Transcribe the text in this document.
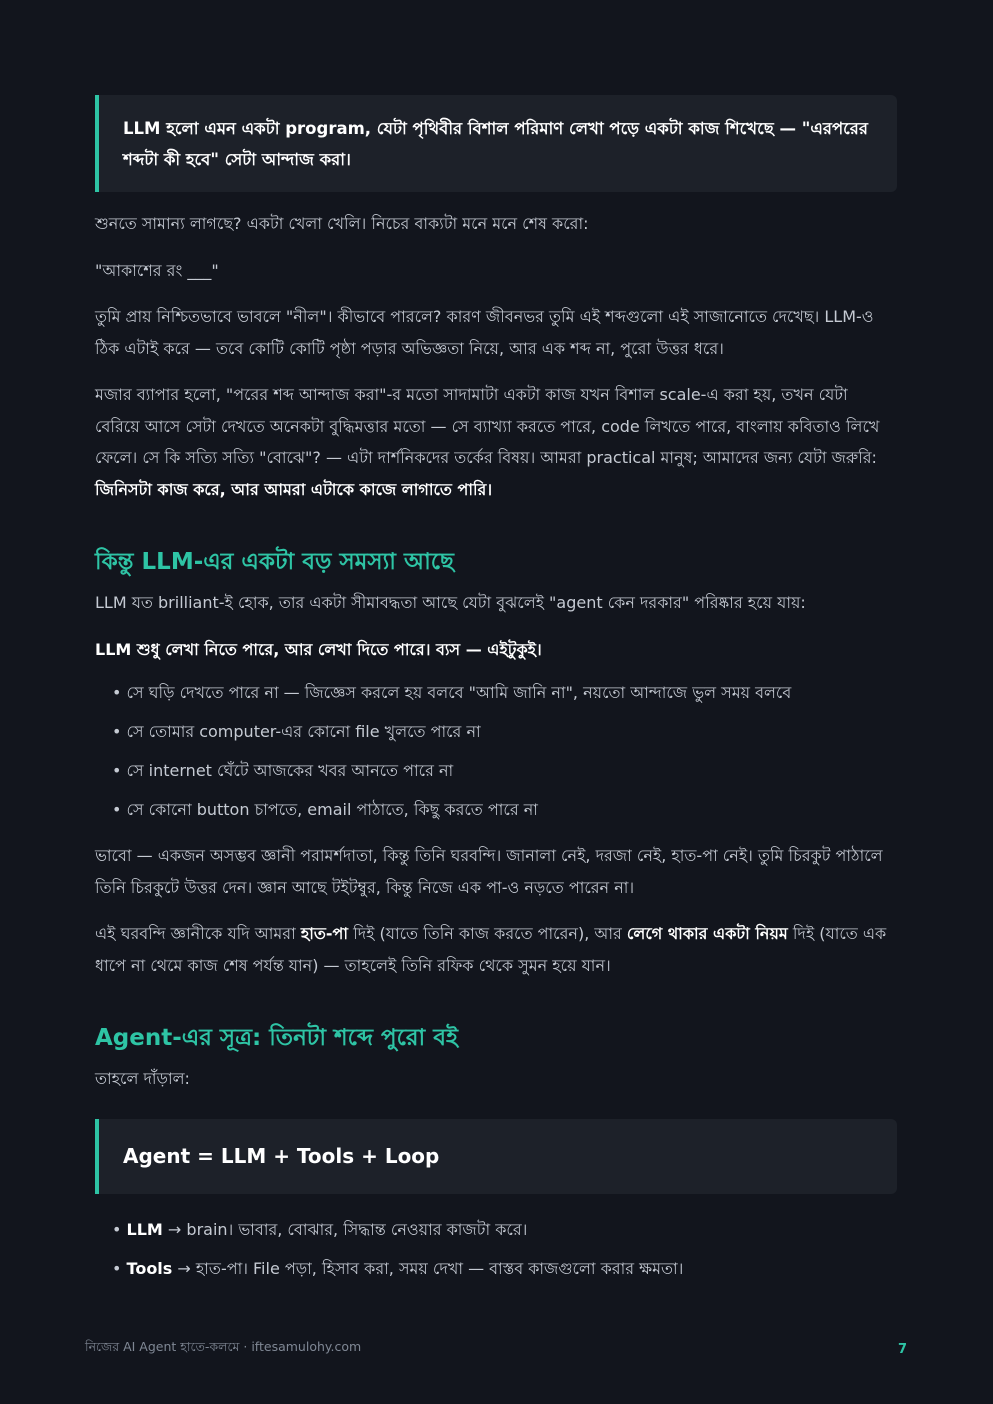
LLM হলো এমন একটা program, যেটা পৃথিবীর বিশাল পরিমাণ লেখা পড়ে একটা কাজ শিখেছে — "এরপরের শব্দটা কী হবে" সেটা আন্দাজ করা।

শুনতে সামান্য লাগছে? একটা খেলা খেলি। নিচের বাক্যটা মনে মনে শেষ করো:

"আকাশের রং ___"

তুমি প্রায় নিশ্চিতভাবে ভাবলে "নীল"। কীভাবে পারলে? কারণ জীবনভর তুমি এই শব্দগুলো এই সাজানোতে দেখেছ। LLM-ও ঠিক এটাই করে — তবে কোটি কোটি পৃষ্ঠা পড়ার অভিজ্ঞতা নিয়ে, আর এক শব্দ না, পুরো উত্তর ধরে।

মজার ব্যাপার হলো, "পরের শব্দ আন্দাজ করা"-র মতো সাদামাটা একটা কাজ যখন বিশাল scale-এ করা হয়, তখন যেটা বেরিয়ে আসে সেটা দেখতে অনেকটা বুদ্ধিমত্তার মতো — সে ব্যাখ্যা করতে পারে, code লিখতে পারে, বাংলায় কবিতাও লিখে ফেলে। সে কি সত্যি সত্যি "বোঝে"? — এটা দার্শনিকদের তর্কের বিষয়। আমরা practical মানুষ; আমাদের জন্য যেটা জরুরি: জিনিসটা কাজ করে, আর আমরা এটাকে কাজে লাগাতে পারি।

কিন্তু LLM-এর একটা বড় সমস্যা আছে

LLM যত brilliant-ই হোক, তার একটা সীমাবদ্ধতা আছে যেটা বুঝলেই "agent কেন দরকার" পরিষ্কার হয়ে যায়:

LLM শুধু লেখা নিতে পারে, আর লেখা দিতে পারে। ব্যস — এইটুকুই।

• সে ঘড়ি দেখতে পারে না — জিজ্ঞেস করলে হয় বলবে "আমি জানি না", নয়তো আন্দাজে ভুল সময় বলবে
• সে তোমার computer-এর কোনো file খুলতে পারে না
• সে internet ঘেঁটে আজকের খবর আনতে পারে না
• সে কোনো button চাপতে, email পাঠাতে, কিছু করতে পারে না

ভাবো — একজন অসম্ভব জ্ঞানী পরামর্শদাতা, কিন্তু তিনি ঘরবন্দি। জানালা নেই, দরজা নেই, হাত-পা নেই। তুমি চিরকুট পাঠালে তিনি চিরকুটে উত্তর দেন। জ্ঞান আছে টইটম্বুর, কিন্তু নিজে এক পা-ও নড়তে পারেন না।

এই ঘরবন্দি জ্ঞানীকে যদি আমরা হাত-পা দিই (যাতে তিনি কাজ করতে পারেন), আর লেগে থাকার একটা নিয়ম দিই (যাতে এক ধাপে না থেমে কাজ শেষ পর্যন্ত যান) — তাহলেই তিনি রফিক থেকে সুমন হয়ে যান।

Agent-এর সূত্র: তিনটা শব্দে পুরো বই

তাহলে দাঁড়াল:

Agent = LLM + Tools + Loop
• LLM → brain। ভাবার, বোঝার, সিদ্ধান্ত নেওয়ার কাজটা করে।
• Tools → হাত-পা। File পড়া, হিসাব করা, সময় দেখা — বাস্তব কাজগুলো করার ক্ষমতা।
নিজের AI Agent হাতে-কলমে · iftesamulohy.com	7
